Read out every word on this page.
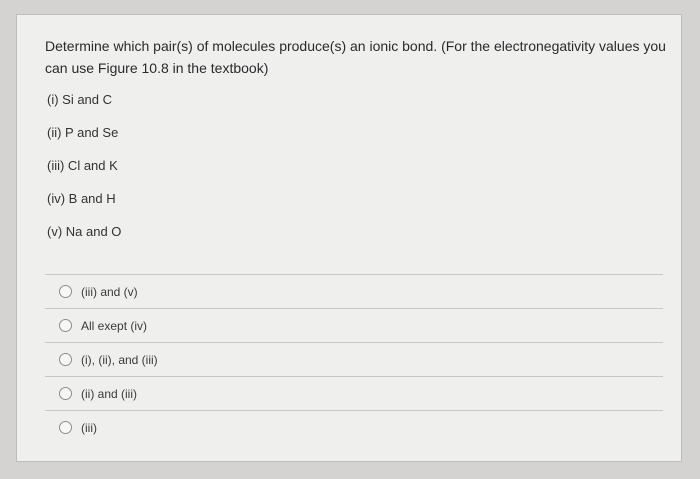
Determine which pair(s) of molecules produce(s) an ionic bond. (For the electronegativity values you can use Figure 10.8 in the textbook)
(i) Si and C
(ii) P and Se
(iii) Cl and K
(iv) B and H
(v) Na and O
(iii) and (v)
All exept (iv)
(i), (ii), and (iii)
(ii) and (iii)
(iii)
